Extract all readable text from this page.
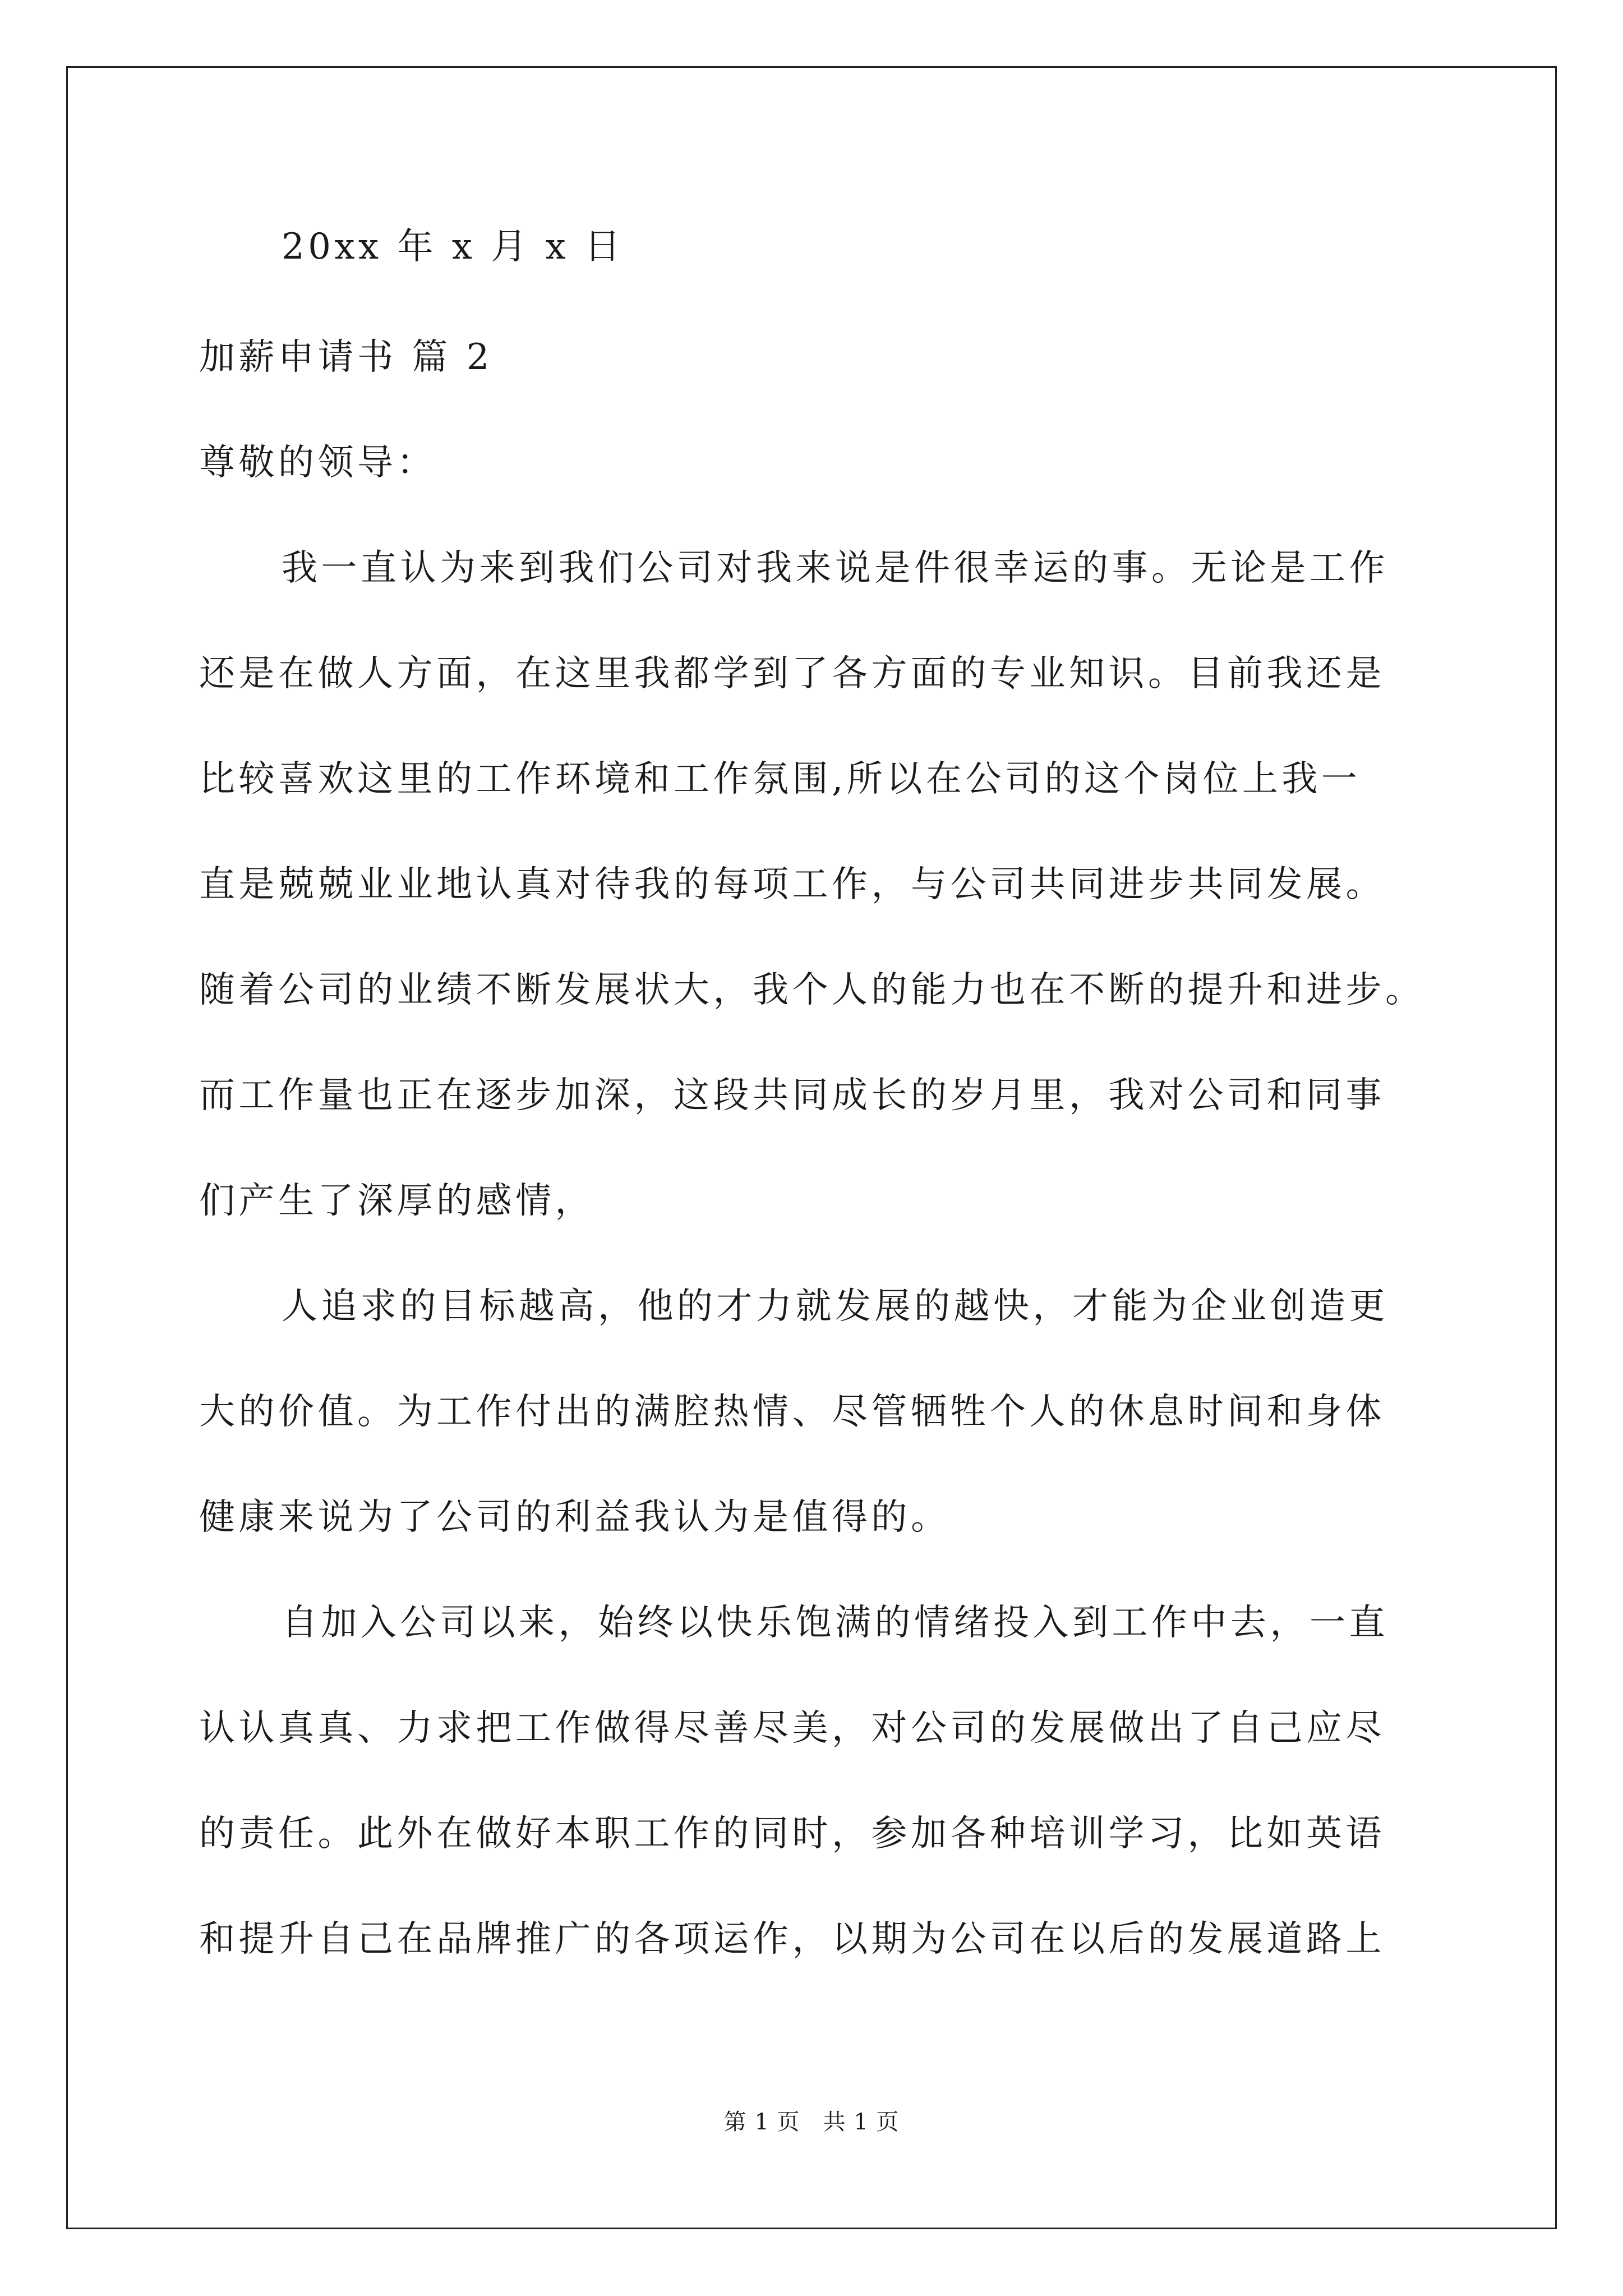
20xx 年 x 月 x 日
加薪申请书 篇 2
尊敬的领导：
我一直认为来到我们公司对我来说是件很幸运的事。无论是工作
还是在做人方面，在这里我都学到了各方面的专业知识。目前我还是
比较喜欢这里的工作环境和工作氛围,所以在公司的这个岗位上我一
直是兢兢业业地认真对待我的每项工作，与公司共同进步共同发展。
随着公司的业绩不断发展状大，我个人的能力也在不断的提升和进步。
而工作量也正在逐步加深，这段共同成长的岁月里，我对公司和同事
们产生了深厚的感情，
人追求的目标越高，他的才力就发展的越快，才能为企业创造更
大的价值。为工作付出的满腔热情、尽管牺牲个人的休息时间和身体
健康来说为了公司的利益我认为是值得的。
自加入公司以来，始终以快乐饱满的情绪投入到工作中去，一直
认认真真、力求把工作做得尽善尽美，对公司的发展做出了自己应尽
的责任。此外在做好本职工作的同时，参加各种培训学习，比如英语
和提升自己在品牌推广的各项运作，以期为公司在以后的发展道路上
第 1 页　共 1 页
